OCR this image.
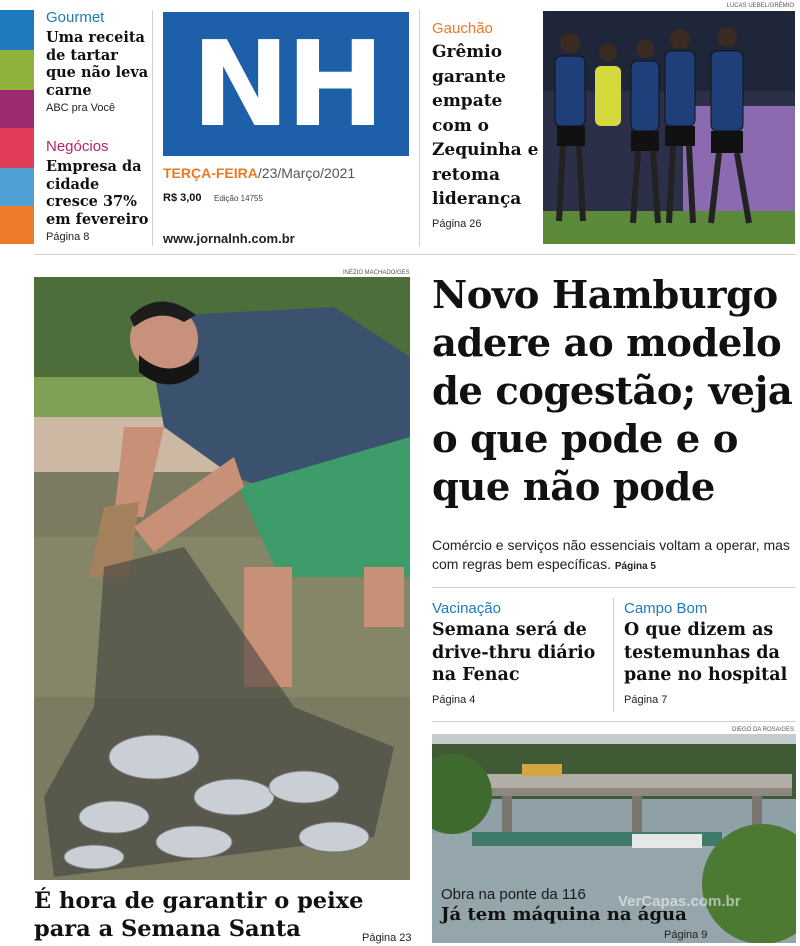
Gourmet
Uma receita de tartar que não leva carne
ABC pra Você
Negócios
Empresa da cidade cresce 37% em fevereiro
Página 8
NH
TERÇA-FEIRA/23/Março/2021
R$ 3,00 Edição 14755
www.jornalnh.com.br
Gauchão
Grêmio garante empate com o Zequinha e retoma liderança
Página 26
LUCAS UEBEL/GRÊMIO
INÉZIO MACHADO/GES
É hora de garantir o peixe para a Semana Santa	Página 23
Novo Hamburgo adere ao modelo de cogestão; veja o que pode e o que não pode
Comércio e serviços não essenciais voltam a operar, mas com regras bem específicas. Página 5
Vacinação
Semana será de drive-thru diário na Fenac
Página 4
Campo Bom
O que dizem as testemunhas da pane no hospital
Página 7
DIEGO DA ROSA/GES
Obra na ponte da 116
Já tem máquina na água
Página 9
VerCapas.com.br
